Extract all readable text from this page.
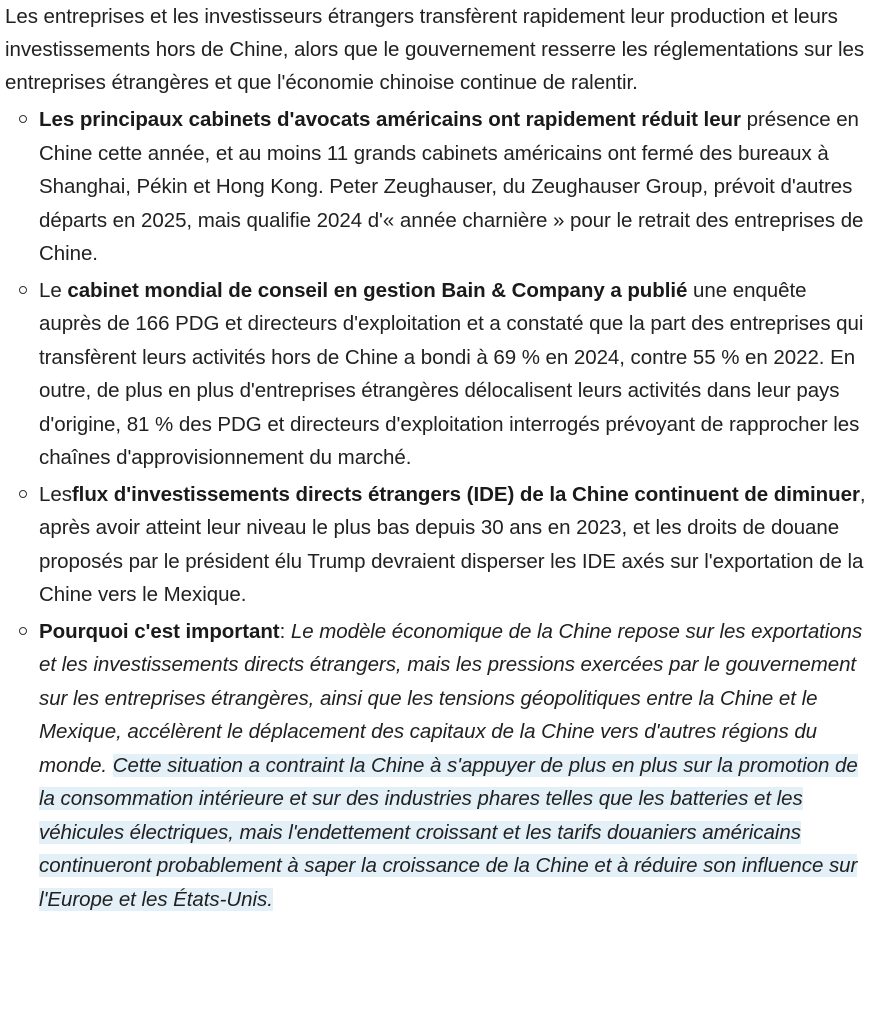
Les entreprises et les investisseurs étrangers transfèrent rapidement leur production et leurs investissements hors de Chine, alors que le gouvernement resserre les réglementations sur les entreprises étrangères et que l'économie chinoise continue de ralentir.

Les principaux cabinets d'avocats américains ont rapidement réduit leur présence en Chine cette année, et au moins 11 grands cabinets américains ont fermé des bureaux à Shanghai, Pékin et Hong Kong. Peter Zeughauser, du Zeughauser Group, prévoit d'autres départs en 2025, mais qualifie 2024 d'« année charnière » pour le retrait des entreprises de Chine.
Le cabinet mondial de conseil en gestion Bain & Company a publié une enquête auprès de 166 PDG et directeurs d'exploitation et a constaté que la part des entreprises qui transfèrent leurs activités hors de Chine a bondi à 69 % en 2024, contre 55 % en 2022. En outre, de plus en plus d'entreprises étrangères délocalisent leurs activités dans leur pays d'origine, 81 % des PDG et directeurs d'exploitation interrogés prévoyant de rapprocher les chaînes d'approvisionnement du marché.
Lesflux d'investissements directs étrangers (IDE) de la Chine continuent de diminuer, après avoir atteint leur niveau le plus bas depuis 30 ans en 2023, et les droits de douane proposés par le président élu Trump devraient disperser les IDE axés sur l'exportation de la Chine vers le Mexique.
Pourquoi c'est important: Le modèle économique de la Chine repose sur les exportations et les investissements directs étrangers, mais les pressions exercées par le gouvernement sur les entreprises étrangères, ainsi que les tensions géopolitiques entre la Chine et le Mexique, accélèrent le déplacement des capitaux de la Chine vers d'autres régions du monde. Cette situation a contraint la Chine à s'appuyer de plus en plus sur la promotion de la consommation intérieure et sur des industries phares telles que les batteries et les véhicules électriques, mais l'endettement croissant et les tarifs douaniers américains continueront probablement à saper la croissance de la Chine et à réduire son influence sur l'Europe et les États-Unis.
